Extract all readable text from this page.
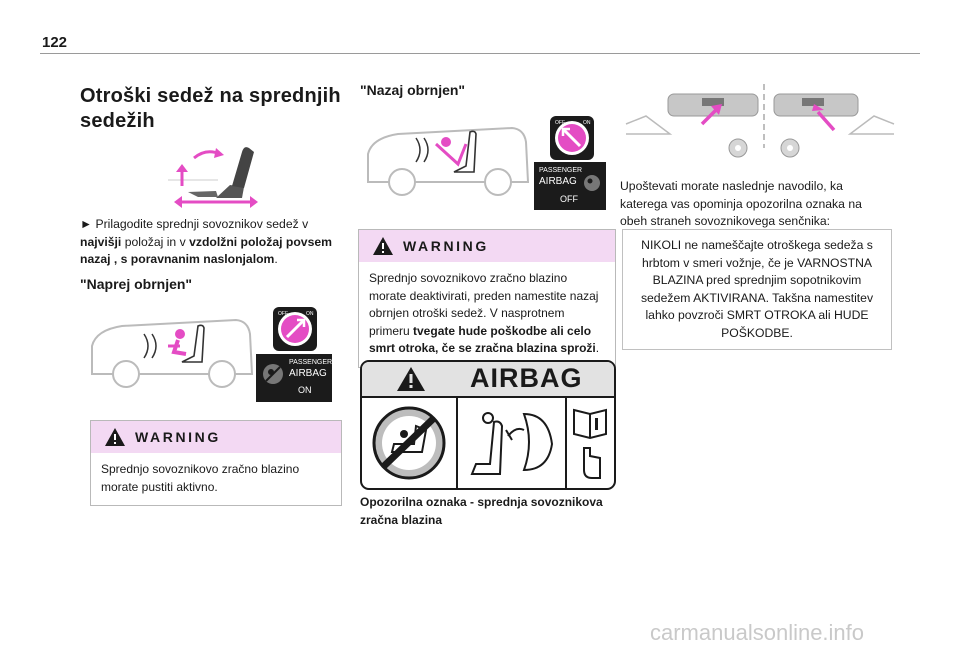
122
Otroški sedež na sprednjih sedežih
► Prilagodite sprednji sovoznikov sedež v najvišji položaj in v vzdolžni položaj povsem nazaj , s poravnanim naslonjalom.
"Naprej obrnjen"
OFF	ON
PASSENGER
AIRBAG
ON
WARNING
Sprednjo sovoznikovo zračno blazino morate pustiti aktivno.
"Nazaj obrnjen"
OFF	ON
PASSENGER
AIRBAG
OFF
WARNING
Sprednjo sovoznikovo zračno blazino morate deaktivirati, preden namestite nazaj obrnjen otroški sedež. V nasprotnem primeru tvegate hude poškodbe ali celo smrt otroka, če se zračna blazina sproži.
AIRBAG
Opozorilna oznaka - sprednja sovoznikova zračna blazina
Upoštevati morate naslednje navodilo, ka katerega vas opominja opozorilna oznaka na obeh straneh sovoznikovega senčnika:
NIKOLI ne nameščajte otroškega sedeža s hrbtom v smeri vožnje, če je VARNOSTNA BLAZINA pred sprednjim sopotnikovim sedežem AKTIVIRANA. Takšna namestitev lahko povzroči SMRT OTROKA ali HUDE POŠKODBE.
carmanualsonline.info
